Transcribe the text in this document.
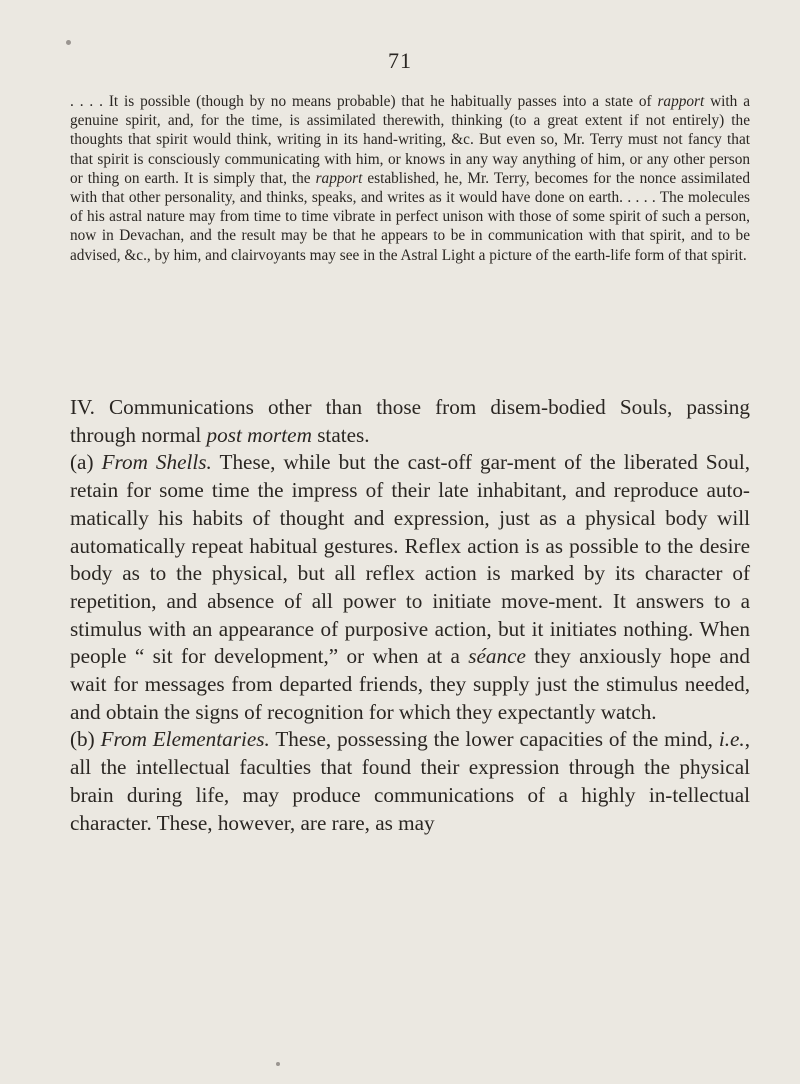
71

. . . . It is possible (though by no means probable) that he habitually passes into a state of rapport with a genuine spirit, and, for the time, is assimilated therewith, thinking (to a great extent if not entirely) the thoughts that spirit would think, writing in its hand-writing, &c. But even so, Mr. Terry must not fancy that that spirit is consciously communicating with him, or knows in any way anything of him, or any other person or thing on earth. It is simply that, the rapport established, he, Mr. Terry, becomes for the nonce assimilated with that other personality, and thinks, speaks, and writes as it would have done on earth. . . . . The molecules of his astral nature may from time to time vibrate in perfect unison with those of some spirit of such a person, now in Devachan, and the result may be that he appears to be in communication with that spirit, and to be advised, &c., by him, and clairvoyants may see in the Astral Light a picture of the earth-life form of that spirit.

IV. Communications other than those from disem-bodied Souls, passing through normal post mortem states.

(a) From Shells. These, while but the cast-off gar-ment of the liberated Soul, retain for some time the impress of their late inhabitant, and reproduce auto-matically his habits of thought and expression, just as a physical body will automatically repeat habitual gestures. Reflex action is as possible to the desire body as to the physical, but all reflex action is marked by its character of repetition, and absence of all power to initiate move-ment. It answers to a stimulus with an appearance of purposive action, but it initiates nothing. When people “ sit for development,” or when at a séance they anxiously hope and wait for messages from departed friends, they supply just the stimulus needed, and obtain the signs of recognition for which they expectantly watch.

(b) From Elementaries. These, possessing the lower capacities of the mind, i.e., all the intellectual faculties that found their expression through the physical brain during life, may produce communications of a highly in-tellectual character. These, however, are rare, as may
